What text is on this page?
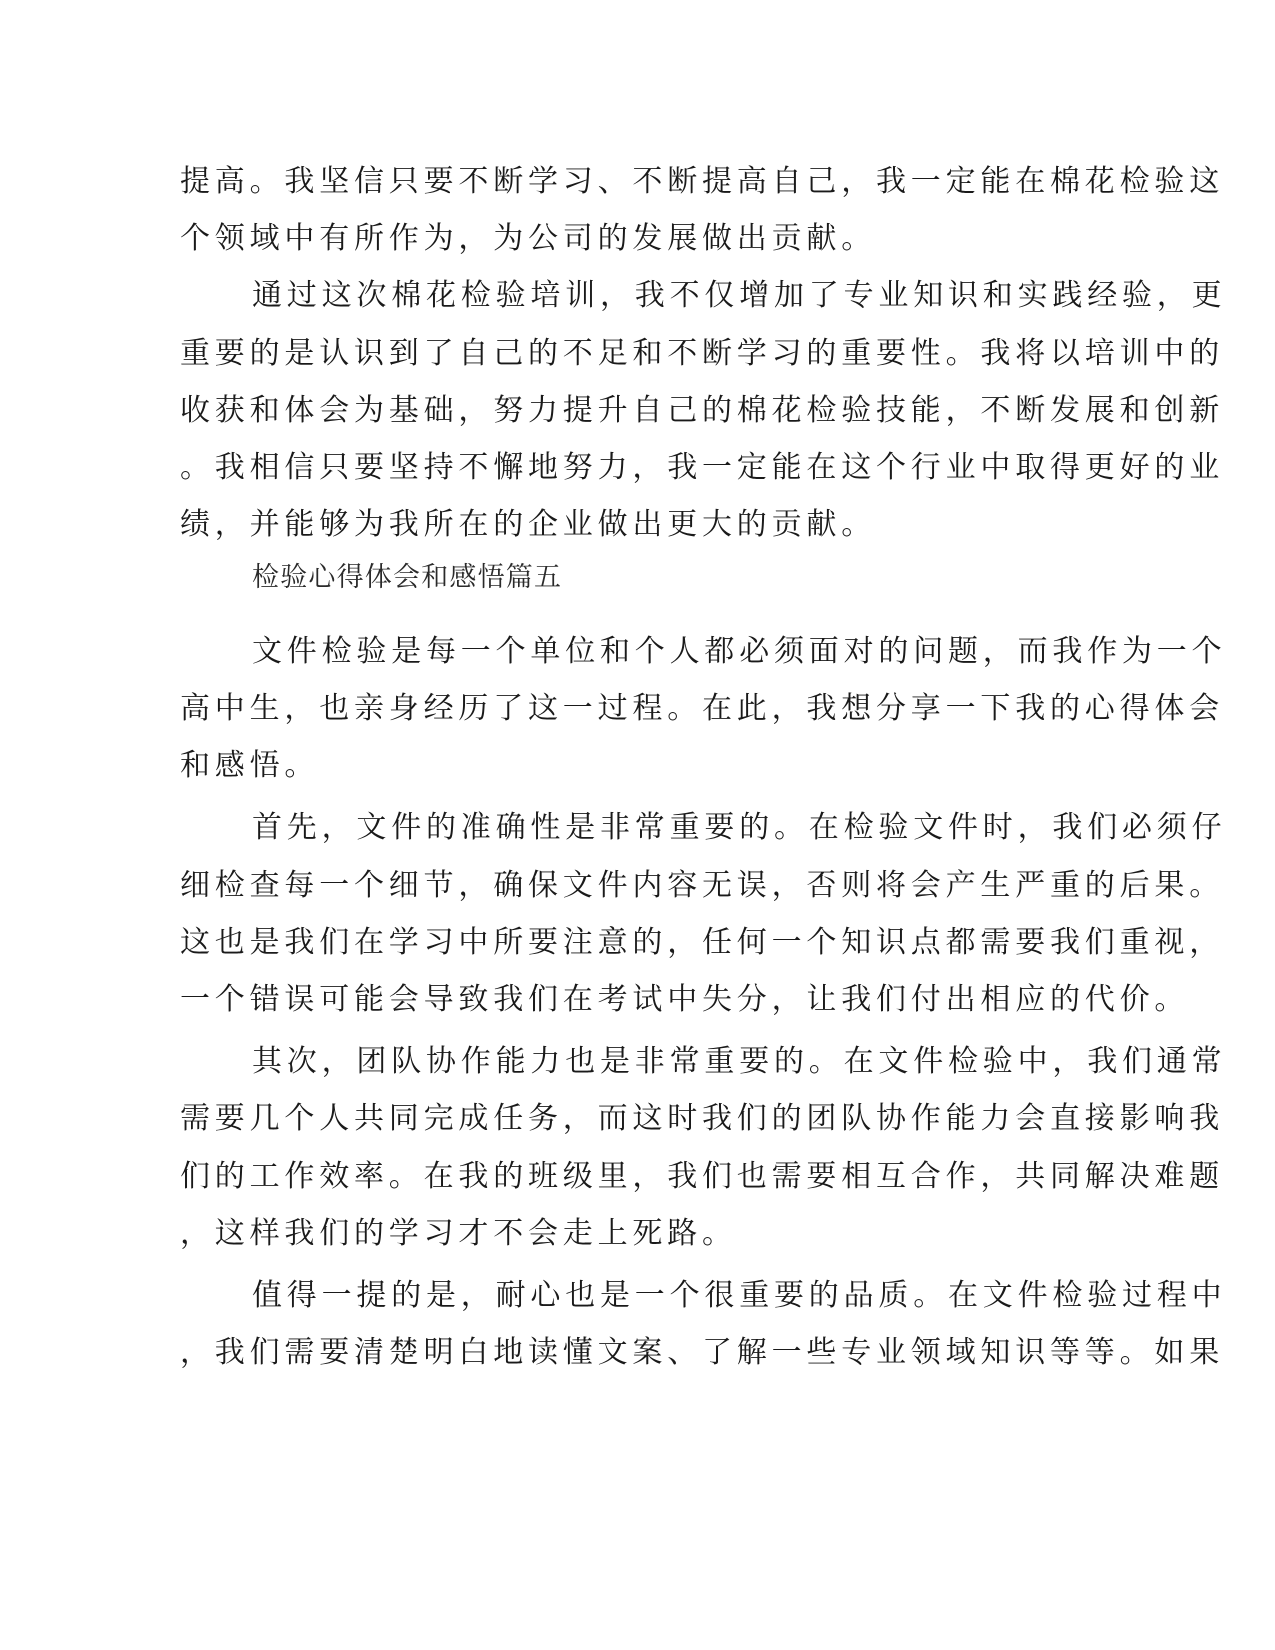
提高。我坚信只要不断学习、不断提高自己，我一定能在棉花检验这

个领域中有所作为，为公司的发展做出贡献。

通过这次棉花检验培训，我不仅增加了专业知识和实践经验，更

重要的是认识到了自己的不足和不断学习的重要性。我将以培训中的

收获和体会为基础，努力提升自己的棉花检验技能，不断发展和创新

。我相信只要坚持不懈地努力，我一定能在这个行业中取得更好的业

绩，并能够为我所在的企业做出更大的贡献。

检验心得体会和感悟篇五

文件检验是每一个单位和个人都必须面对的问题，而我作为一个

高中生，也亲身经历了这一过程。在此，我想分享一下我的心得体会

和感悟。

首先，文件的准确性是非常重要的。在检验文件时，我们必须仔

细检查每一个细节，确保文件内容无误，否则将会产生严重的后果。

这也是我们在学习中所要注意的，任何一个知识点都需要我们重视，

一个错误可能会导致我们在考试中失分，让我们付出相应的代价。

其次，团队协作能力也是非常重要的。在文件检验中，我们通常

需要几个人共同完成任务，而这时我们的团队协作能力会直接影响我

们的工作效率。在我的班级里，我们也需要相互合作，共同解决难题

，这样我们的学习才不会走上死路。

值得一提的是，耐心也是一个很重要的品质。在文件检验过程中

，我们需要清楚明白地读懂文案、了解一些专业领域知识等等。如果
